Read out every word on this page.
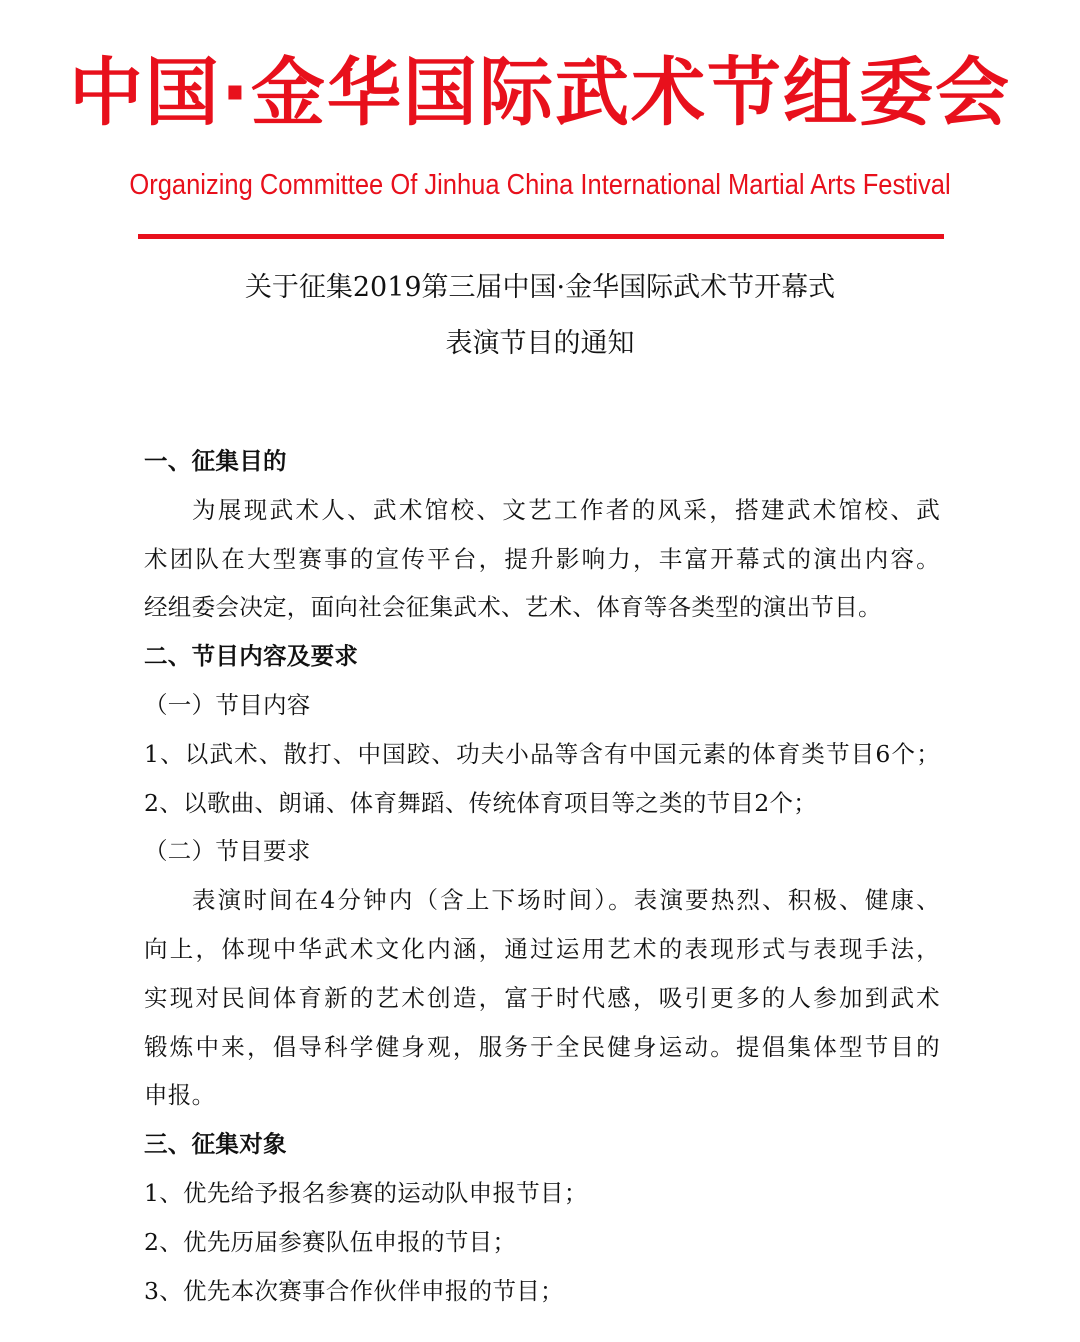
中国·金华国际武术节组委会
Organizing Committee Of Jinhua China International Martial Arts Festival
关于征集2019第三届中国·金华国际武术节开幕式
表演节目的通知
一、征集目的
为展现武术人、武术馆校、文艺工作者的风采，搭建武术馆校、武
术团队在大型赛事的宣传平台，提升影响力，丰富开幕式的演出内容。
经组委会决定，面向社会征集武术、艺术、体育等各类型的演出节目。
二、节目内容及要求
（一）节目内容
1、以武术、散打、中国跤、功夫小品等含有中国元素的体育类节目6个；
2、以歌曲、朗诵、体育舞蹈、传统体育项目等之类的节目2个；
（二）节目要求
表演时间在4分钟内（含上下场时间）。表演要热烈、积极、健康、
向上，体现中华武术文化内涵，通过运用艺术的表现形式与表现手法，
实现对民间体育新的艺术创造，富于时代感，吸引更多的人参加到武术
锻炼中来，倡导科学健身观，服务于全民健身运动。提倡集体型节目的
申报。
三、征集对象
1、优先给予报名参赛的运动队申报节目；
2、优先历届参赛队伍申报的节目；
3、优先本次赛事合作伙伴申报的节目；
